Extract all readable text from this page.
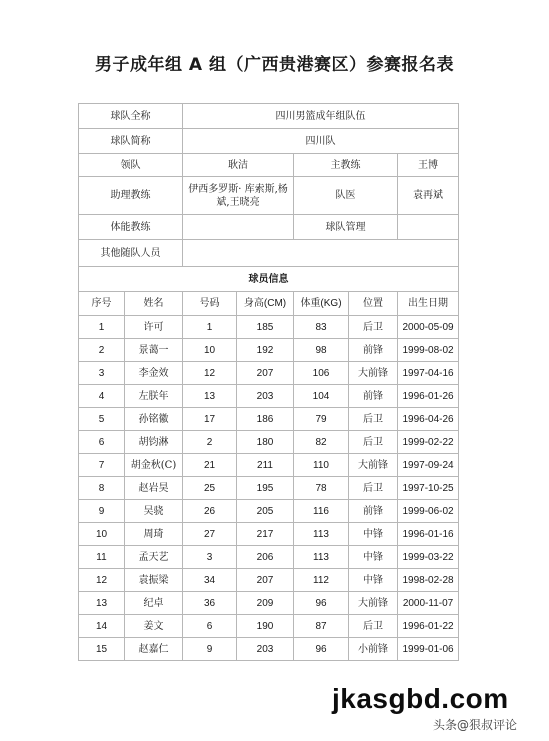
男子成年组 A 组（广西贵港赛区）参赛报名表
球队全称		四川男篮成年组队伍				
球队简称		四川队				
领队		耿洁		主教练		王博
助理教练		伊西多罗斯· 库索斯,杨斌,王晓亮		队医		袁再斌
体能教练				球队管理		
其他随队人员						
球员信息						
序号	姓名	号码	身高(CM)	体重(KG)	位置	出生日期
1	许可	1	185	83	后卫	2000-05-09
2	景蔼一	10	192	98	前锋	1999-08-02
3	李金效	12	207	106	大前锋	1997-04-16
4	左朕年	13	203	104	前锋	1996-01-26
5	孙铭徽	17	186	79	后卫	1996-04-26
6	胡钧淋	2	180	82	后卫	1999-02-22
7	胡金秋(C)	21	211	110	大前锋	1997-09-24
8	赵岩昊	25	195	78	后卫	1997-10-25
9	吴骁	26	205	116	前锋	1999-06-02
10	周琦	27	217	113	中锋	1996-01-16
11	孟天艺	3	206	113	中锋	1999-03-22
12	袁振梁	34	207	112	中锋	1998-02-28
13	纪卓	36	209	96	大前锋	2000-11-07
14	姜文	6	190	87	后卫	1996-01-22
15	赵嘉仁	9	203	96	小前锋	1999-01-06
jkasgbd.com
头条@狠叔评论
